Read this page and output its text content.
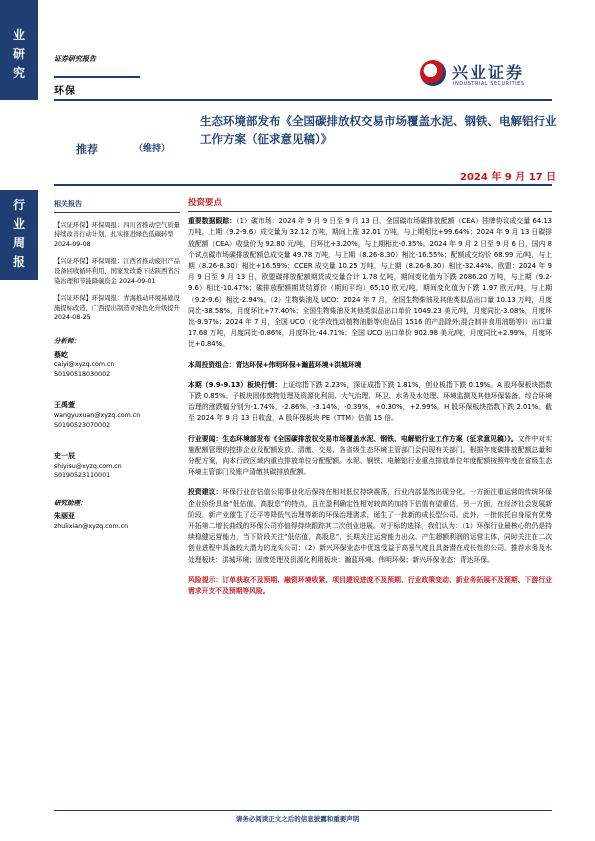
业
研
究
行
业
周
报
证券研究报告
环保
兴业证券
INDUSTRIAL SECURITIES
生态环境部发布《全国碳排放权交易市场覆盖水泥、钢铁、电解铝行业工作方案（征求意见稿）》
推荐	（维持）
2024 年 9 月 17 日
相关报告
【兴证环保】环保周报：四川省推动空气质量持续改善行动计划，扎实推进绿色低碳转型 2024-09-08
【兴证环保】环保周报：江西省推动废旧产品设备回收循环利用，国家发改委下达陕西省污染治理和节能降碳资金 2024-09-01
【兴证环保】环保周报：青海推动环境基础设施提标改造，广西提出制造业绿色化升级提升 2024-08-25
分析师：
蔡屹
caiyi@xyzq.com.cn
S0190518030002
王禹萱
wangyuxuan@xyzq.com.cn
S0190523070002
史一辰
shiyisu@xyzq.com.cn
S0190523110001
研究助理：
朱丽亚
zhulixian@xyzq.com.cn
投资要点
重要数据跟踪：（1）碳市场：2024 年 9 月 9 日至 9 月 13 日，全国碳市场碳排放配额（CEA）挂牌协议成交量 64.13 万吨，上期（9.2-9.6）成交量为 32.12 万吨，期间上涨 32.01 万吨，与上期相比+99.64%；2024 年 9 月 13 日碳排放配额（CEA）收盘价为 92.80 元/吨，日环比+3.20%，与上期相比-0.35%。2024 年 9 月 2 日至 9 月 6 日，国内 8 个试点碳市场碳排放配额总成交量 49.78 万吨，与上期（8.26-8.30）相比-16.55%；配额成交均价 68.99 元/吨，与上期（8.26-8.30）相比+16.59%；CCER 成交量 10.25 万吨，与上期（8.26-8.30）相比-32.44%。欧盟：2024 年 9 月 9 日至 9 月 13 日，欧盟碳排放配额期货成交量合计 1.78 亿吨，期间变化值为下跌 2086.20 万吨，与上期（9.2-9.6）相比-10.47%；碳排放配额期货结算价（期间平均）65.10 欧元/吨，期间变化值为下跌 1.97 欧元/吨，与上期（9.2-9.6）相比-2.94%。（2）生物柴油及 UCO：2024 年 7 月，全国生物柴油及其他类似品出口量 10.13 万吨，月度同比-38.58%，月度环比+77.40%；全国生物柴油及其他类似品出口单价 1049.23 美元/吨，月度同比-3.08%，月度环比-9.97%；2024 年 7 月，全国 UCO（化学改性动植物油脂等(但品目 1516 的产品除外;混合制非食用油脂等)）出口量 17.68 万吨，月度同比-0.86%，月度环比-44.71%；全国 UCO 出口单价 902.98 美元/吨，月度同比+2.99%，月度环比+0.84%。
本周投资组合：青达环保+伟明环保+瀚蓝环境+洪城环境
本期（9.9-9.13）板块行情：上证综指下跌 2.23%，深证成指下跌 1.81%，创业板指下跌 0.19%。A 股环保板块指数下跌 0.85%。子板块固体废物处理及资源化利用、大气治理、环卫、水务及水处理、环境监测及其他环保装备、综合环境治理的涨跌幅分别为-1.74%，-2.86%，-3.14%，-0.39%，+0.30%，+2.99%。H 股环保板块指数下跌 2.01%。截至 2024 年 9 月 13 日收盘，A 股环保板块 PE（TTM）估值 15 倍。
行业要闻：生态环境部发布《全国碳排放权交易市场覆盖水泥、钢铁、电解铝行业工作方案（征求意见稿）》。文件中对实施配额管理的控排企业及配额发放、清缴、交易、各省级生态环境主管部门会同现有关部门，根据年度碳排放配额总量和分配方案，向本行政区域内重点排放单位分配配额。水泥、钢铁、电解铝行业重点排放单位年度配额按照年度在省级生态环境主管部门及账户清缴其碳排放配额。
投资建议：环保行业在估值公用事业化后保持在相对低位持续震荡，行业内部显然出现分化。一方面注重运营的传统环保企业纷纷具备“低估值、高股息”的特点，且在盈利确定性相对较高的加持下估值有望重估，另一方面，在经济社会发展新阶段，新产业催生了泛平等降低气治理等新的环保治理需求，诞生了一批新的成长型公司。此外，一批依托自身原有优势开拓第二增长曲线的环保公司亦值得持续跟踪其二次创业进展。对于标的选择，我们认为：（1）环保行业最核心的仍是持续稳健运营能力，当下阶段关注“低估值，高股息”，长期关注运营能力出众、产生超额利润的运营主体，同时关注在二次创业进程中具备较大潜力的龙头公司；（2）新兴环保业态中优选受益于高景气度且具备潜在成长性的公司。推荐水务及水处理板块：洪城环境；固废处理及资源化利用板块：瀚蓝环境、伟明环保；新兴环保业态：青达环保。
风险提示：订单获取不及预期、融资环境收紧、项目建设进度不及预期、行业政策变动、新业务拓展不及预期、下游行业需求开支不及预期等风险。
请务必阅读正文之后的信息披露和重要声明
